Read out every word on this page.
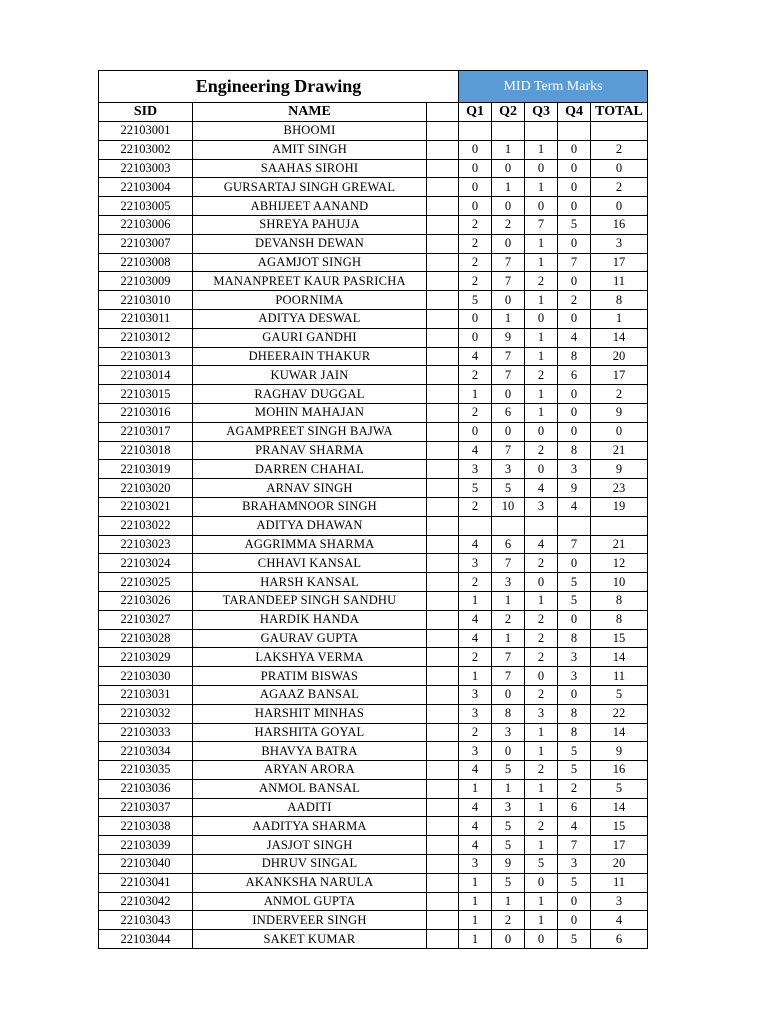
Engineering Drawing			MID Term Marks				
SID	NAME		Q1	Q2	Q3	Q4	TOTAL
22103001	BHOOMI						
22103002	AMIT SINGH		0	1	1	0	2
22103003	SAAHAS SIROHI		0	0	0	0	0
22103004	GURSARTAJ SINGH GREWAL		0	1	1	0	2
22103005	ABHIJEET AANAND		0	0	0	0	0
22103006	SHREYA PAHUJA		2	2	7	5	16
22103007	DEVANSH DEWAN		2	0	1	0	3
22103008	AGAMJOT SINGH		2	7	1	7	17
22103009	MANANPREET KAUR PASRICHA		2	7	2	0	11
22103010	POORNIMA		5	0	1	2	8
22103011	ADITYA DESWAL		0	1	0	0	1
22103012	GAURI GANDHI		0	9	1	4	14
22103013	DHEERAIN THAKUR		4	7	1	8	20
22103014	KUWAR JAIN		2	7	2	6	17
22103015	RAGHAV DUGGAL		1	0	1	0	2
22103016	MOHIN MAHAJAN		2	6	1	0	9
22103017	AGAMPREET SINGH BAJWA		0	0	0	0	0
22103018	PRANAV SHARMA		4	7	2	8	21
22103019	DARREN CHAHAL		3	3	0	3	9
22103020	ARNAV SINGH		5	5	4	9	23
22103021	BRAHAMNOOR SINGH		2	10	3	4	19
22103022	ADITYA DHAWAN						
22103023	AGGRIMMA SHARMA		4	6	4	7	21
22103024	CHHAVI KANSAL		3	7	2	0	12
22103025	HARSH KANSAL		2	3	0	5	10
22103026	TARANDEEP SINGH SANDHU		1	1	1	5	8
22103027	HARDIK HANDA		4	2	2	0	8
22103028	GAURAV GUPTA		4	1	2	8	15
22103029	LAKSHYA VERMA		2	7	2	3	14
22103030	PRATIM BISWAS		1	7	0	3	11
22103031	AGAAZ BANSAL		3	0	2	0	5
22103032	HARSHIT MINHAS		3	8	3	8	22
22103033	HARSHITA GOYAL		2	3	1	8	14
22103034	BHAVYA BATRA		3	0	1	5	9
22103035	ARYAN ARORA		4	5	2	5	16
22103036	ANMOL BANSAL		1	1	1	2	5
22103037	AADITI		4	3	1	6	14
22103038	AADITYA SHARMA		4	5	2	4	15
22103039	JASJOT SINGH		4	5	1	7	17
22103040	DHRUV SINGAL		3	9	5	3	20
22103041	AKANKSHA NARULA		1	5	0	5	11
22103042	ANMOL GUPTA		1	1	1	0	3
22103043	INDERVEER SINGH		1	2	1	0	4
22103044	SAKET KUMAR		1	0	0	5	6
